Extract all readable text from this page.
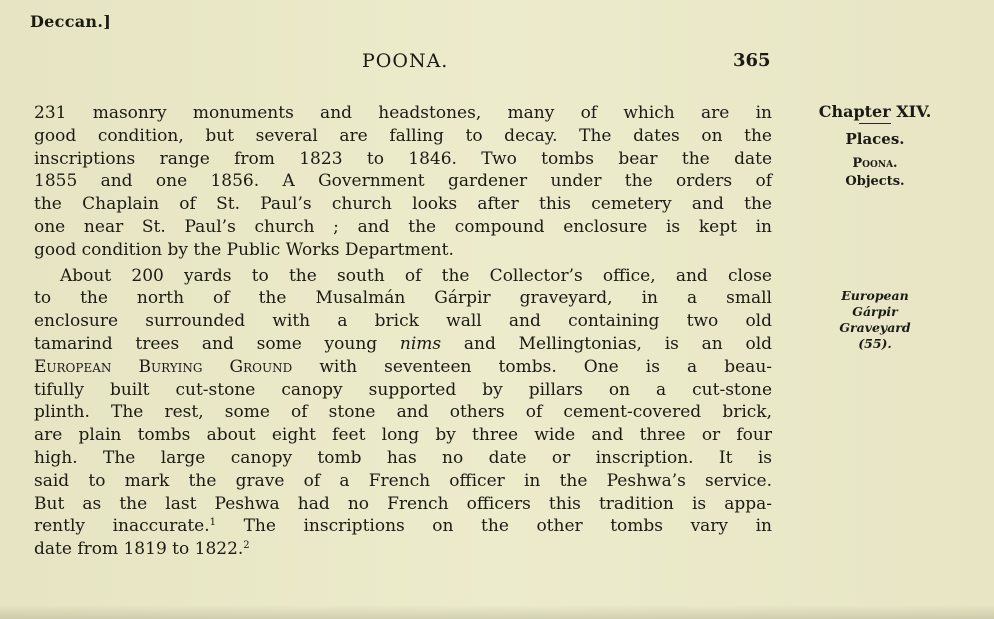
Deccan.]
POONA.	365
231 masonry monuments and headstones, many of which are in
good condition, but several are falling to decay. The dates on the
inscriptions range from 1823 to 1846. Two tombs bear the date
1855 and one 1856. A Government gardener under the orders of
the Chaplain of St. Paul’s church looks after this cemetery and the
one near St. Paul’s church ; and the compound enclosure is kept in
good condition by the Public Works Department.
About 200 yards to the south of the Collector’s office, and close
to the north of the Musalmán Gárpir graveyard, in a small
enclosure surrounded with a brick wall and containing two old
tamarind trees and some young nims and Mellingtonias, is an old
European Burying Ground with seventeen tombs. One is a beau-
tifully built cut-stone canopy supported by pillars on a cut-stone
plinth. The rest, some of stone and others of cement-covered brick,
are plain tombs about eight feet long by three wide and three or four
high. The large canopy tomb has no date or inscription. It is
said to mark the grave of a French officer in the Peshwa’s service.
But as the last Peshwa had no French officers this tradition is appa-
rently inaccurate.$^1$ The inscriptions on the other tombs vary in
date from 1819 to 1822.$^2$
Chapter XIV.
Places.
Poona.
Objects.
European
Gárpir
Graveyard
(55).
